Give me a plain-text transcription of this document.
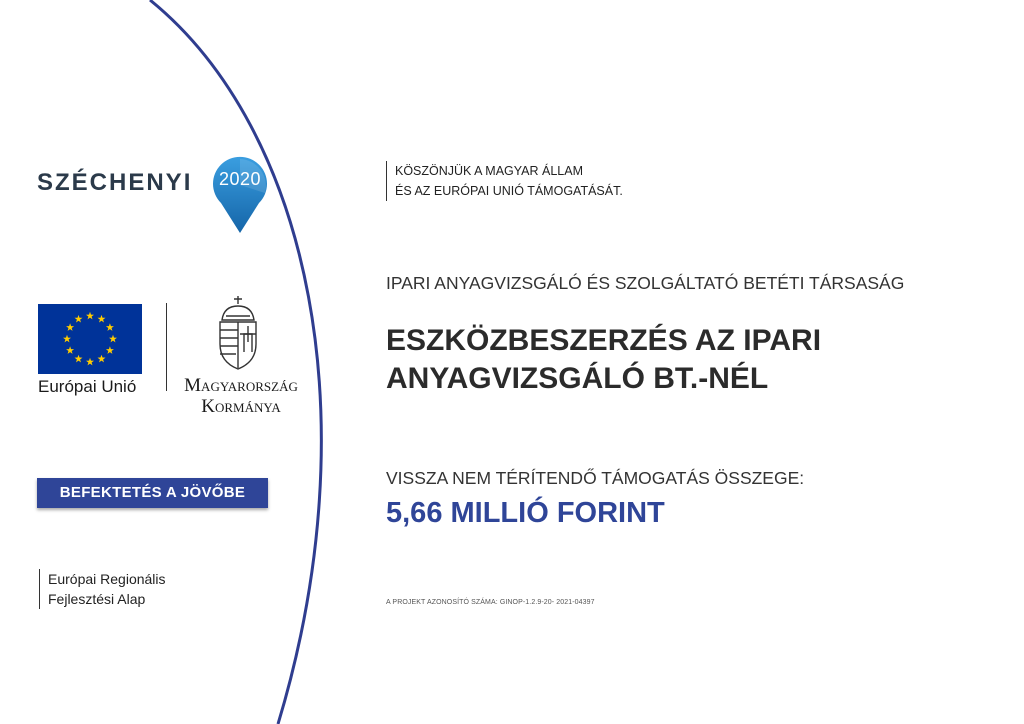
SZÉCHENYI	2020
Európai Unió	Magyarország
Kormánya
BEFEKTETÉS A JÖVŐBE
Európai Regionális
Fejlesztési Alap
KÖSZÖNJÜK A MAGYAR ÁLLAM
ÉS AZ EURÓPAI UNIÓ TÁMOGATÁSÁT.
IPARI ANYAGVIZSGÁLÓ ÉS SZOLGÁLTATÓ BETÉTI TÁRSASÁG
ESZKÖZBESZERZÉS AZ IPARI
ANYAGVIZSGÁLÓ BT.-NÉL
VISSZA NEM TÉRÍTENDŐ TÁMOGATÁS ÖSSZEGE:
5,66 MILLIÓ FORINT
A PROJEKT AZONOSÍTÓ SZÁMA: GINOP-1.2.9-20- 2021-04397
